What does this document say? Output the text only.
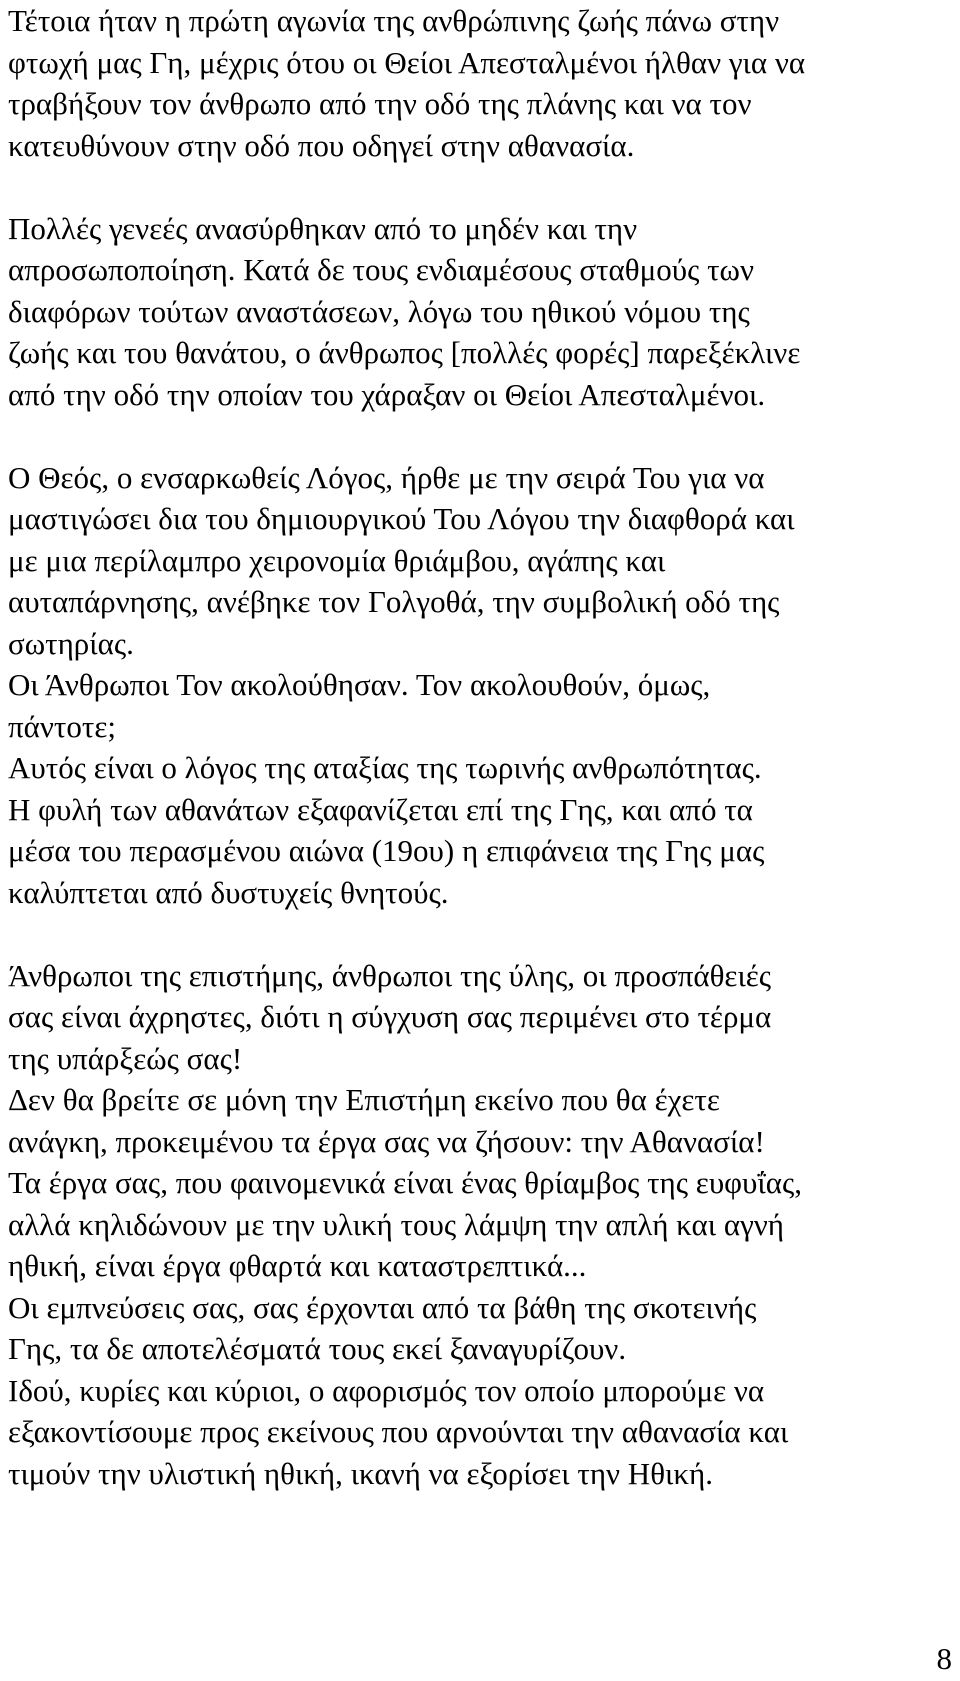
Τέτοια ήταν η πρώτη αγωνία της ανθρώπινης ζωής πάνω στην
φτωχή μας Γη, μέχρις ότου οι Θείοι Απεσταλμένοι ήλθαν για να
τραβήξουν τον άνθρωπο από την οδό της πλάνης και να τον
κατευθύνουν στην οδό που οδηγεί στην αθανασία.
Πολλές γενεές ανασύρθηκαν από το μηδέν και την
απροσωποποίηση. Κατά δε τους ενδιαμέσους σταθμούς των
διαφόρων τούτων αναστάσεων, λόγω του ηθικού νόμου της
ζωής και του θανάτου, ο άνθρωπος [πολλές φορές] παρεξέκλινε
από την οδό την οποίαν του χάραξαν οι Θείοι Απεσταλμένοι.
Ο Θεός, ο ενσαρκωθείς Λόγος, ήρθε με την σειρά Του για να
μαστιγώσει δια του δημιουργικού Του Λόγου την διαφθορά και
με μια περίλαμπρο χειρονομία θριάμβου, αγάπης και
αυταπάρνησης, ανέβηκε τον Γολγοθά, την συμβολική οδό της
σωτηρίας.
Οι Άνθρωποι Τον ακολούθησαν. Τον ακολουθούν, όμως,
πάντοτε;
Αυτός είναι ο λόγος της αταξίας της τωρινής ανθρωπότητας.
Η φυλή των αθανάτων εξαφανίζεται επί της Γης, και από τα
μέσα του περασμένου αιώνα (19ου) η επιφάνεια της Γης μας
καλύπτεται από δυστυχείς θνητούς.
Άνθρωποι της επιστήμης, άνθρωποι της ύλης, οι προσπάθειές
σας είναι άχρηστες, διότι η σύγχυση σας περιμένει στο τέρμα
της υπάρξεώς σας!
Δεν θα βρείτε σε μόνη την Επιστήμη εκείνο που θα έχετε
ανάγκη, προκειμένου τα έργα σας να ζήσουν: την Αθανασία!
Τα έργα σας, που φαινομενικά είναι ένας θρίαμβος της ευφυΐας,
αλλά κηλιδώνουν με την υλική τους λάμψη την απλή και αγνή
ηθική, είναι έργα φθαρτά και καταστρεπτικά...
Οι εμπνεύσεις σας, σας έρχονται από τα βάθη της σκοτεινής
Γης, τα δε αποτελέσματά τους εκεί ξαναγυρίζουν.
Ιδού, κυρίες και κύριοι, ο αφορισμός τον οποίο μπορούμε να
εξακοντίσουμε προς εκείνους που αρνούνται την αθανασία και
τιμούν την υλιστική ηθική, ικανή να εξορίσει την Ηθική.
8
